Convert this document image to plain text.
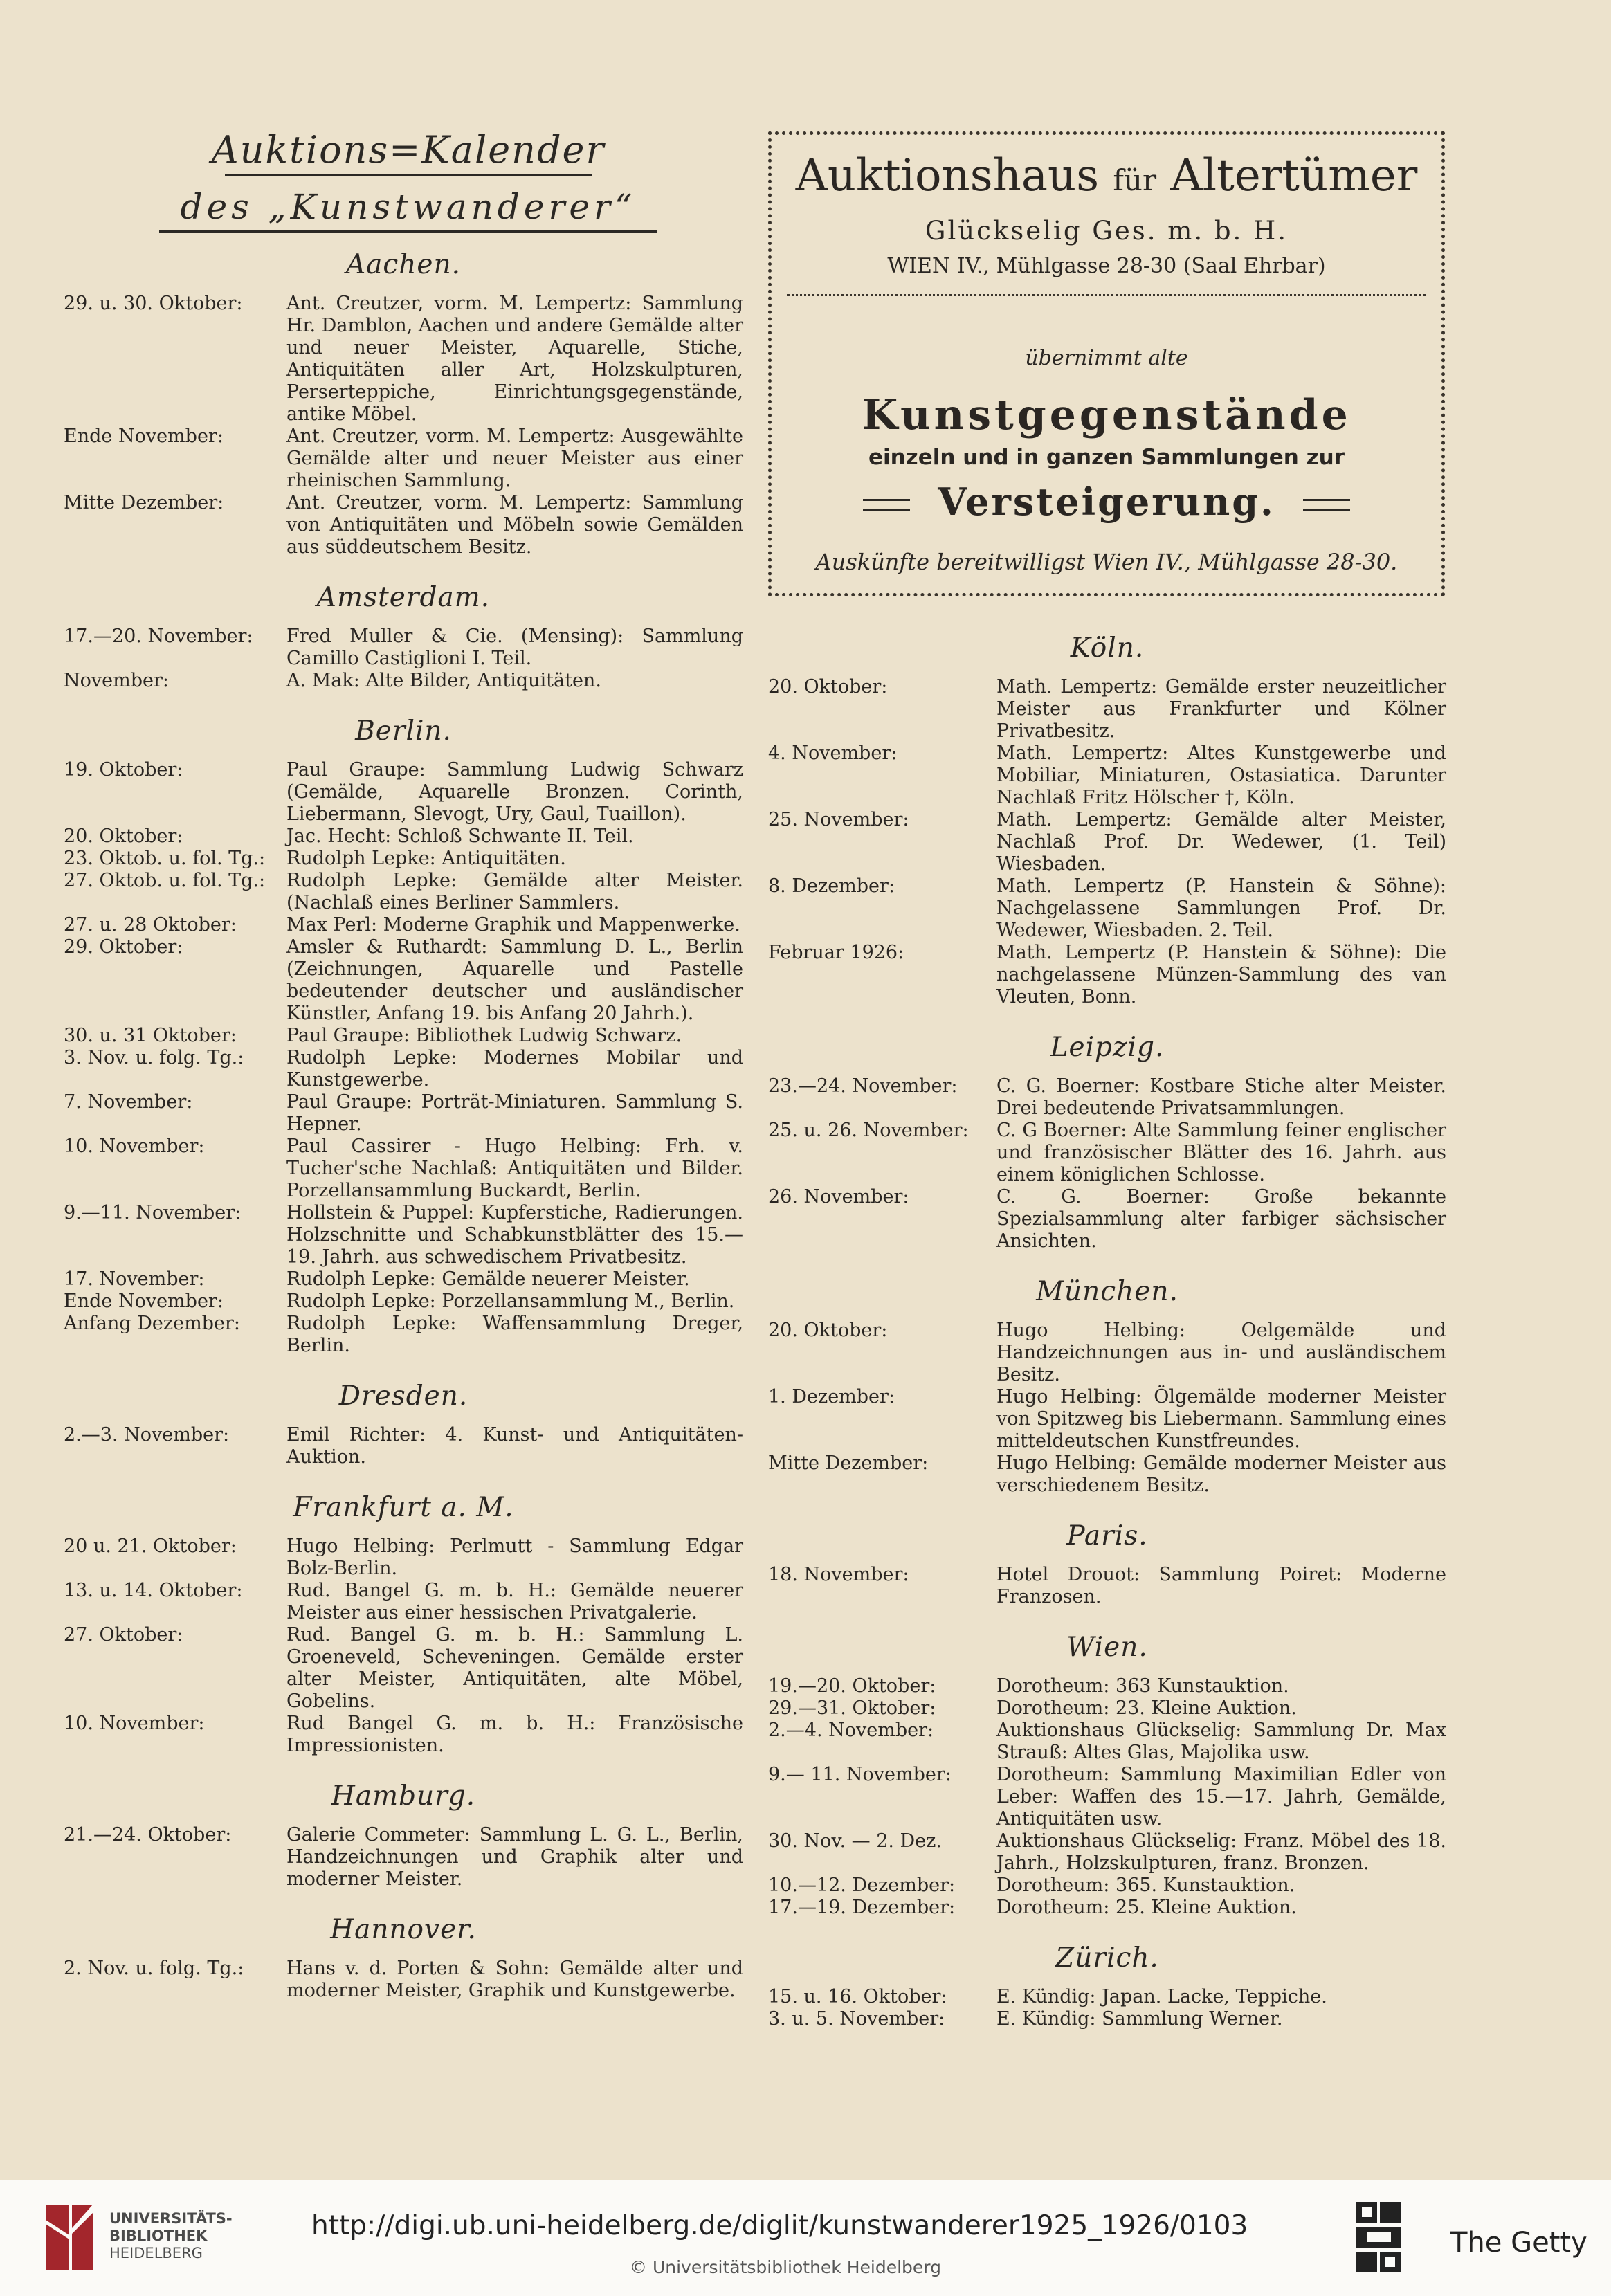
Auktions=Kalender
des „Kunstwanderer“
Aachen.
29. u. 30. Oktober:	Ant. Creutzer, vorm. M. Lempertz: Sammlung Hr. Damblon, Aachen und andere Gemälde alter und neuer Meister, Aquarelle, Stiche, Antiquitäten aller Art, Holzskulpturen, Perserteppiche, Einrichtungsgegenstände, antike Möbel.
Ende November:	Ant. Creutzer, vorm. M. Lempertz: Ausgewählte Gemälde alter und neuer Meister aus einer rheinischen Sammlung.
Mitte Dezember:	Ant. Creutzer, vorm. M. Lempertz: Sammlung von Antiquitäten und Möbeln sowie Gemälden aus süddeutschem Besitz.
Amsterdam.
17.—20. November:	Fred Muller & Cie. (Mensing): Sammlung Camillo Castiglioni I. Teil.
November:	A. Mak: Alte Bilder, Antiquitäten.
Berlin.
19. Oktober:	Paul Graupe: Sammlung Ludwig Schwarz (Gemälde, Aquarelle Bronzen. Corinth, Liebermann, Slevogt, Ury, Gaul, Tuaillon).
20. Oktober:	Jac. Hecht: Schloß Schwante II. Teil.
23. Oktob. u. fol. Tg.:	Rudolph Lepke: Antiquitäten.
27. Oktob. u. fol. Tg.:	Rudolph Lepke: Gemälde alter Meister. (Nachlaß eines Berliner Sammlers.
27. u. 28 Oktober:	Max Perl: Moderne Graphik und Mappenwerke.
29. Oktober:	Amsler & Ruthardt: Sammlung D. L., Berlin (Zeichnungen, Aquarelle und Pastelle bedeutender deutscher und ausländischer Künstler, Anfang 19. bis Anfang 20 Jahrh.).
30. u. 31 Oktober:	Paul Graupe: Bibliothek Ludwig Schwarz.
3. Nov. u. folg. Tg.:	Rudolph Lepke: Modernes Mobilar und Kunstgewerbe.
7. November:	Paul Graupe: Porträt-Miniaturen. Sammlung S. Hepner.
10. November:	Paul Cassirer - Hugo Helbing: Frh. v. Tucher'sche Nachlaß: Antiquitäten und Bilder. Porzellansammlung Buckardt, Berlin.
9.—11. November:	Hollstein & Puppel: Kupferstiche, Radierungen. Holzschnitte und Schabkunstblätter des 15.—19. Jahrh. aus schwedischem Privatbesitz.
17. November:	Rudolph Lepke: Gemälde neuerer Meister.
Ende November:	Rudolph Lepke: Porzellansammlung M., Berlin.
Anfang Dezember:	Rudolph Lepke: Waffensammlung Dreger, Berlin.
Dresden.
2.—3. November:	Emil Richter: 4. Kunst- und Antiquitäten-Auktion.
Frankfurt a. M.
20 u. 21. Oktober:	Hugo Helbing: Perlmutt - Sammlung Edgar Bolz-Berlin.
13. u. 14. Oktober:	Rud. Bangel G. m. b. H.: Gemälde neuerer Meister aus einer hessischen Privatgalerie.
27. Oktober:	Rud. Bangel G. m. b. H.: Sammlung L. Groeneveld, Scheveningen. Gemälde erster alter Meister, Antiquitäten, alte Möbel, Gobelins.
10. November:	Rud Bangel G. m. b. H.: Französische Impressionisten.
Hamburg.
21.—24. Oktober:	Galerie Commeter: Sammlung L. G. L., Berlin, Handzeichnungen und Graphik alter und moderner Meister.
Hannover.
2. Nov. u. folg. Tg.:	Hans v. d. Porten & Sohn: Gemälde alter und moderner Meister, Graphik und Kunstgewerbe.
Auktionshaus für Altertümer
Glückselig Ges. m. b. H.
WIEN IV., Mühlgasse 28-30 (Saal Ehrbar)
übernimmt alte
Kunstgegenstände
einzeln und in ganzen Sammlungen zur
Versteigerung.
Auskünfte bereitwilligst Wien IV., Mühlgasse 28-30.
Köln.
20. Oktober:	Math. Lempertz: Gemälde erster neuzeitlicher Meister aus Frankfurter und Kölner Privatbesitz.
4. November:	Math. Lempertz: Altes Kunstgewerbe und Mobiliar, Miniaturen, Ostasiatica. Darunter Nachlaß Fritz Hölscher †, Köln.
25. November:	Math. Lempertz: Gemälde alter Meister, Nachlaß Prof. Dr. Wedewer, (1. Teil) Wiesbaden.
8. Dezember:	Math. Lempertz (P. Hanstein & Söhne): Nachgelassene Sammlungen Prof. Dr. Wedewer, Wiesbaden. 2. Teil.
Februar 1926:	Math. Lempertz (P. Hanstein & Söhne): Die nachgelassene Münzen-Sammlung des van Vleuten, Bonn.
Leipzig.
23.—24. November:	C. G. Boerner: Kostbare Stiche alter Meister. Drei bedeutende Privatsammlungen.
25. u. 26. November:	C. G Boerner: Alte Sammlung feiner englischer und französischer Blätter des 16. Jahrh. aus einem königlichen Schlosse.
26. November:	C. G. Boerner: Große bekannte Spezialsammlung alter farbiger sächsischer Ansichten.
München.
20. Oktober:	Hugo Helbing: Oelgemälde und Handzeichnungen aus in- und ausländischem Besitz.
1. Dezember:	Hugo Helbing: Ölgemälde moderner Meister von Spitzweg bis Liebermann. Sammlung eines mitteldeutschen Kunstfreundes.
Mitte Dezember:	Hugo Helbing: Gemälde moderner Meister aus verschiedenem Besitz.
Paris.
18. November:	Hotel Drouot: Sammlung Poiret: Moderne Franzosen.
Wien.
19.—20. Oktober:	Dorotheum: 363 Kunstauktion.
29.—31. Oktober:	Dorotheum: 23. Kleine Auktion.
2.—4. November:	Auktionshaus Glückselig: Sammlung Dr. Max Strauß: Altes Glas, Majolika usw.
9.— 11. November:	Dorotheum: Sammlung Maximilian Edler von Leber: Waffen des 15.—17. Jahrh, Gemälde, Antiquitäten usw.
30. Nov. — 2. Dez.	Auktionshaus Glückselig: Franz. Möbel des 18. Jahrh., Holzskulpturen, franz. Bronzen.
10.—12. Dezember:	Dorotheum: 365. Kunstauktion.
17.—19. Dezember:	Dorotheum: 25. Kleine Auktion.
Zürich.
15. u. 16. Oktober:	E. Kündig: Japan. Lacke, Teppiche.
3. u. 5. November:	E. Kündig: Sammlung Werner.
UNIVERSITÄTS-
BIBLIOTHEK
HEIDELBERG
http://digi.ub.uni-heidelberg.de/diglit/kunstwanderer1925_1926/0103
© Universitätsbibliothek Heidelberg
The Getty
